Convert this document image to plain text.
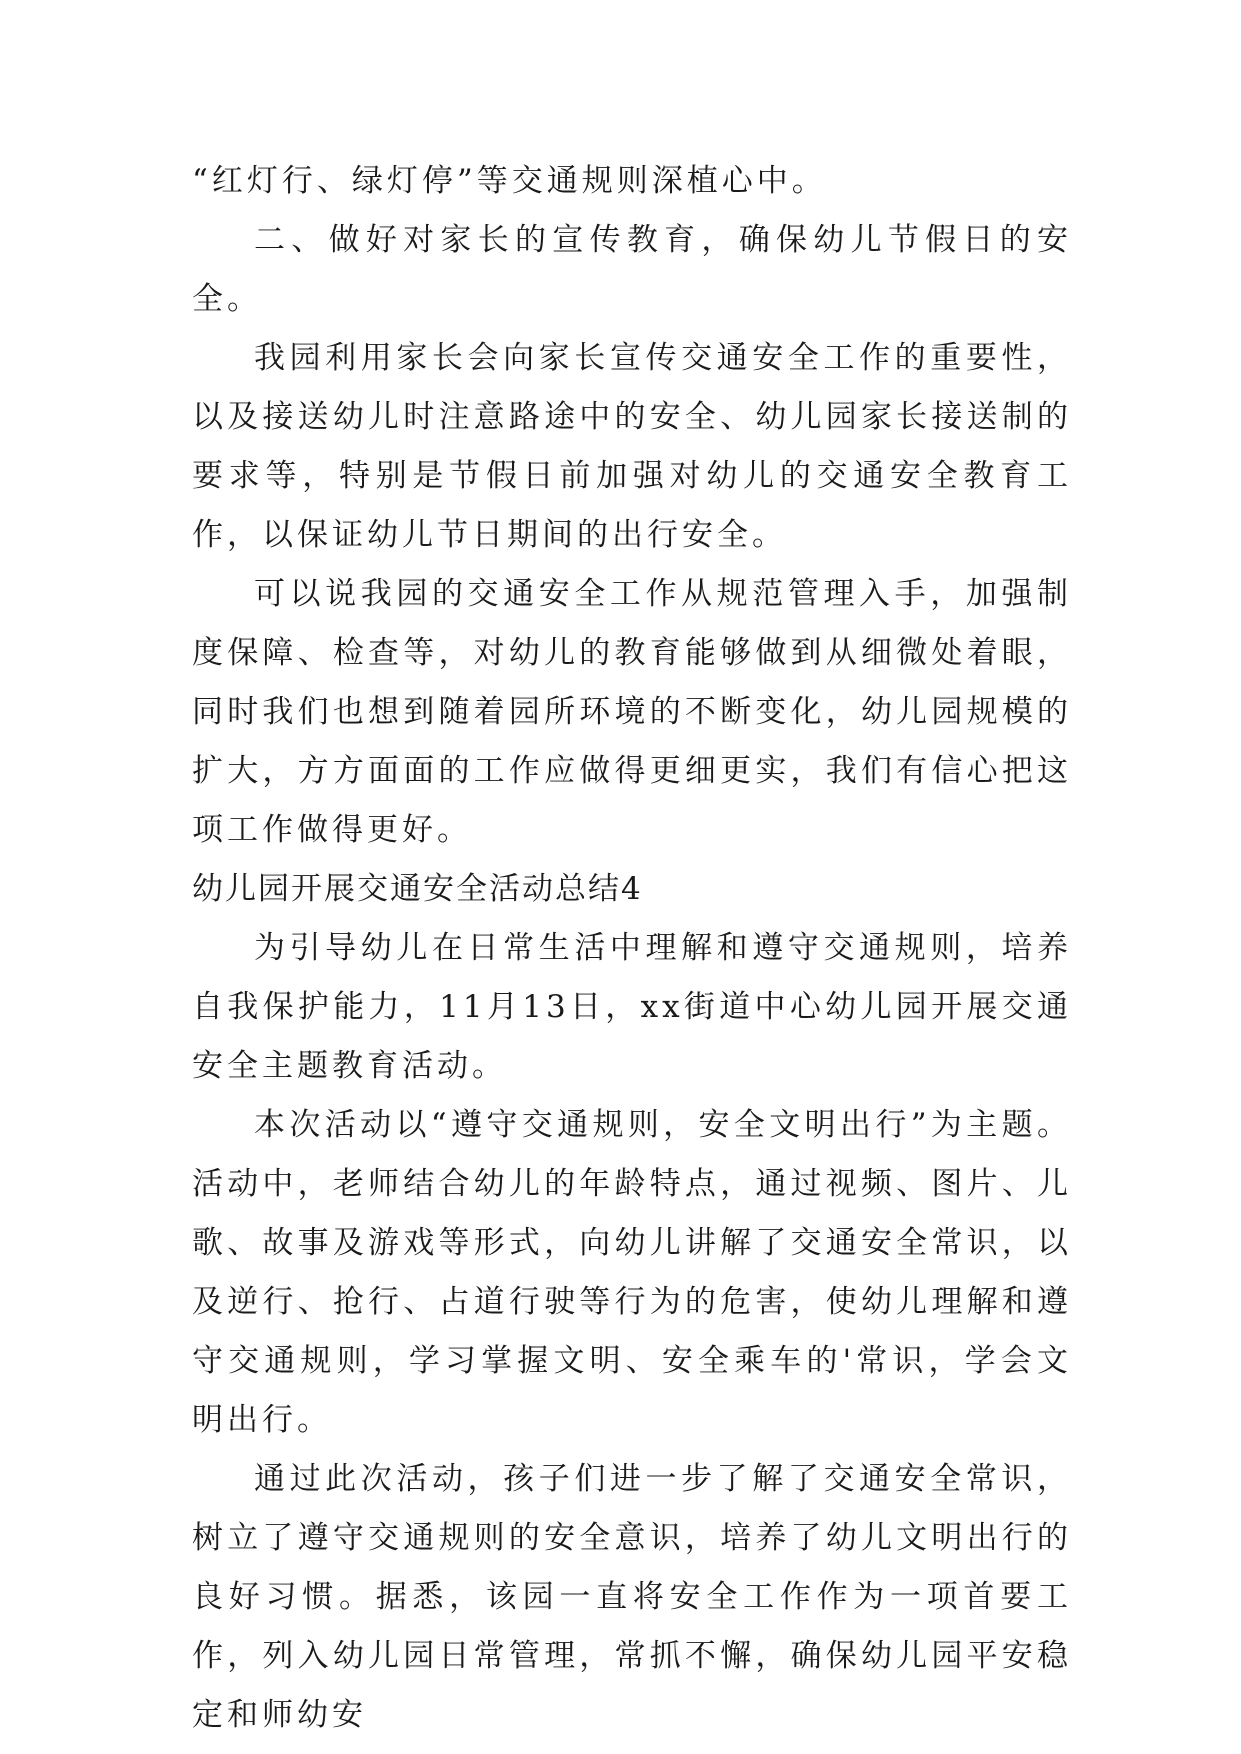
“红灯行、绿灯停”等交通规则深植心中。

二、做好对家长的宣传教育，确保幼儿节假日的安全。

我园利用家长会向家长宣传交通安全工作的重要性，以及接送幼儿时注意路途中的安全、幼儿园家长接送制的要求等，特别是节假日前加强对幼儿的交通安全教育工作，以保证幼儿节日期间的出行安全。

可以说我园的交通安全工作从规范管理入手，加强制度保障、检查等，对幼儿的教育能够做到从细微处着眼，同时我们也想到随着园所环境的不断变化，幼儿园规模的扩大，方方面面的工作应做得更细更实，我们有信心把这项工作做得更好。

幼儿园开展交通安全活动总结4

为引导幼儿在日常生活中理解和遵守交通规则，培养自我保护能力，11月13日，xx街道中心幼儿园开展交通安全主题教育活动。

本次活动以“遵守交通规则，安全文明出行”为主题。活动中，老师结合幼儿的年龄特点，通过视频、图片、儿歌、故事及游戏等形式，向幼儿讲解了交通安全常识，以及逆行、抢行、占道行驶等行为的危害，使幼儿理解和遵守交通规则，学习掌握文明、安全乘车的'常识，学会文明出行。

通过此次活动，孩子们进一步了解了交通安全常识，树立了遵守交通规则的安全意识，培养了幼儿文明出行的良好习惯。据悉，该园一直将安全工作作为一项首要工作，列入幼儿园日常管理，常抓不懈，确保幼儿园平安稳定和师幼安
